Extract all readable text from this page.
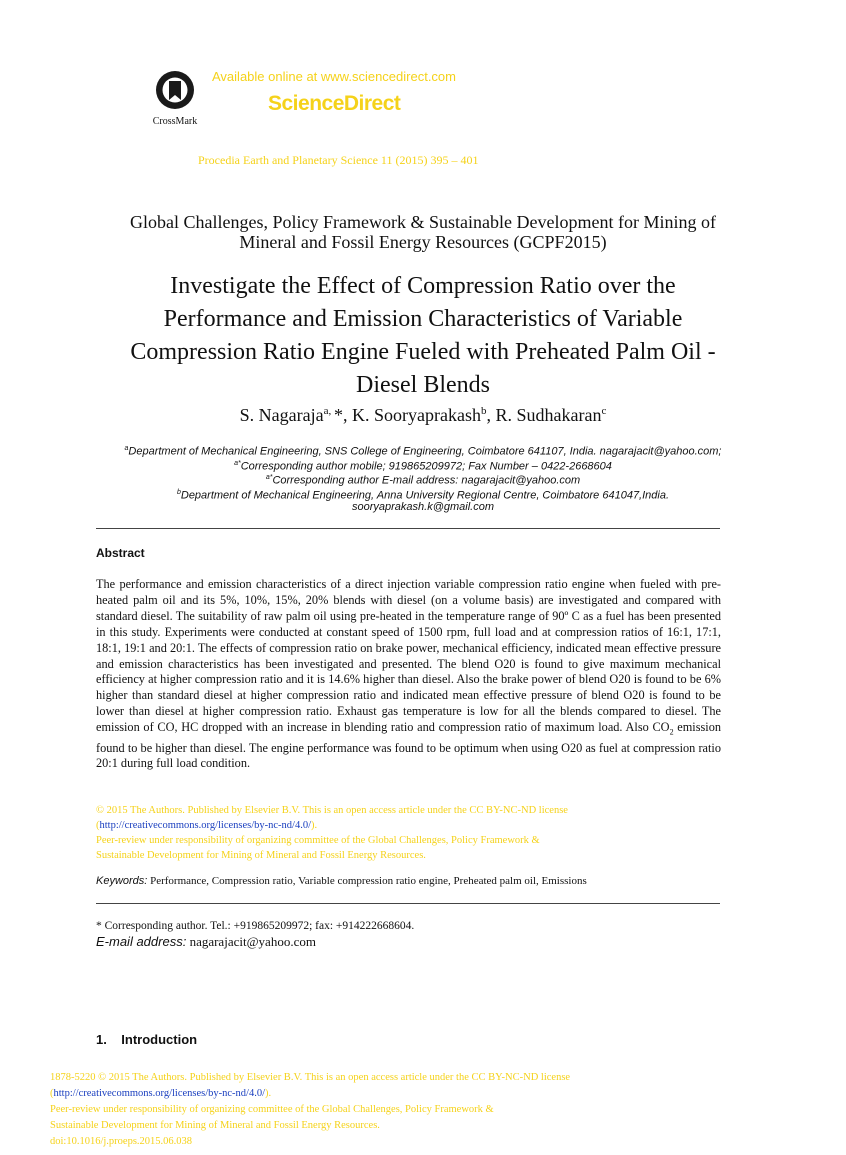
CrossMark
Available online at www.sciencedirect.com
ScienceDirect
Procedia Earth and Planetary Science 11 (2015) 395 – 401
Global Challenges, Policy Framework & Sustainable Development for Mining of
Mineral and Fossil Energy Resources (GCPF2015)
Investigate the Effect of Compression Ratio over the
Performance and Emission Characteristics of Variable
Compression Ratio Engine Fueled with Preheated Palm Oil -
Diesel Blends
S. Nagaraja$^{a,}$ *, K. Sooryaprakash$^b$, R. Sudhakaran$^c$
$^a$Department of Mechanical Engineering, SNS College of Engineering, Coimbatore 641107, India. nagarajacit@yahoo.com;
$^{a*}$Corresponding author mobile; 919865209972; Fax Number – 0422-2668604
$^{a*}$Corresponding author E-mail address: nagarajacit@yahoo.com
$^b$Department of Mechanical Engineering, Anna University Regional Centre, Coimbatore 641047,India.
sooryaprakash.k@gmail.com
Abstract
The performance and emission characteristics of a direct injection variable compression ratio engine when fueled with pre- heated palm oil and its 5%, 10%, 15%, 20% blends with diesel (on a volume basis) are investigated and compared with standard diesel. The suitability of raw palm oil using pre-heated in the temperature range of 90º C as a fuel has been presented in this study. Experiments were conducted at constant speed of 1500 rpm, full load and at compression ratios of 16:1, 17:1, 18:1, 19:1 and 20:1. The effects of compression ratio on brake power, mechanical efficiency, indicated mean effective pressure and emission characteristics has been investigated and presented. The blend O20 is found to give maximum mechanical efficiency at higher compression ratio and it is 14.6% higher than diesel. Also the brake power of blend O20 is found to be 6% higher than standard diesel at higher compression ratio and indicated mean effective pressure of blend O20 is found to be lower than diesel at higher compression ratio. Exhaust gas temperature is low for all the blends compared to diesel. The emission of CO, HC dropped with an increase in blending ratio and compression ratio of maximum load. Also $CO_2$ emission found to be higher than diesel. The engine performance was found to be optimum when using O20 as fuel at compression ratio 20:1 during full load condition.
© 2015 The Authors. Published by Elsevier B.V. This is an open access article under the CC BY-NC-ND license
(http://creativecommons.org/licenses/by-nc-nd/4.0/).
Peer-review under responsibility of organizing committee of the Global Challenges, Policy Framework &
Sustainable Development for Mining of Mineral and Fossil Energy Resources.
Keywords: Performance, Compression ratio, Variable compression ratio engine, Preheated palm oil, Emissions
* Corresponding author. Tel.: +919865209972; fax: +914222668604.
E-mail address: nagarajacit@yahoo.com
1.    Introduction
1878-5220 © 2015 The Authors. Published by Elsevier B.V. This is an open access article under the CC BY-NC-ND license
(http://creativecommons.org/licenses/by-nc-nd/4.0/).
Peer-review under responsibility of organizing committee of the Global Challenges, Policy Framework &
Sustainable Development for Mining of Mineral and Fossil Energy Resources.
doi:10.1016/j.proeps.2015.06.038
